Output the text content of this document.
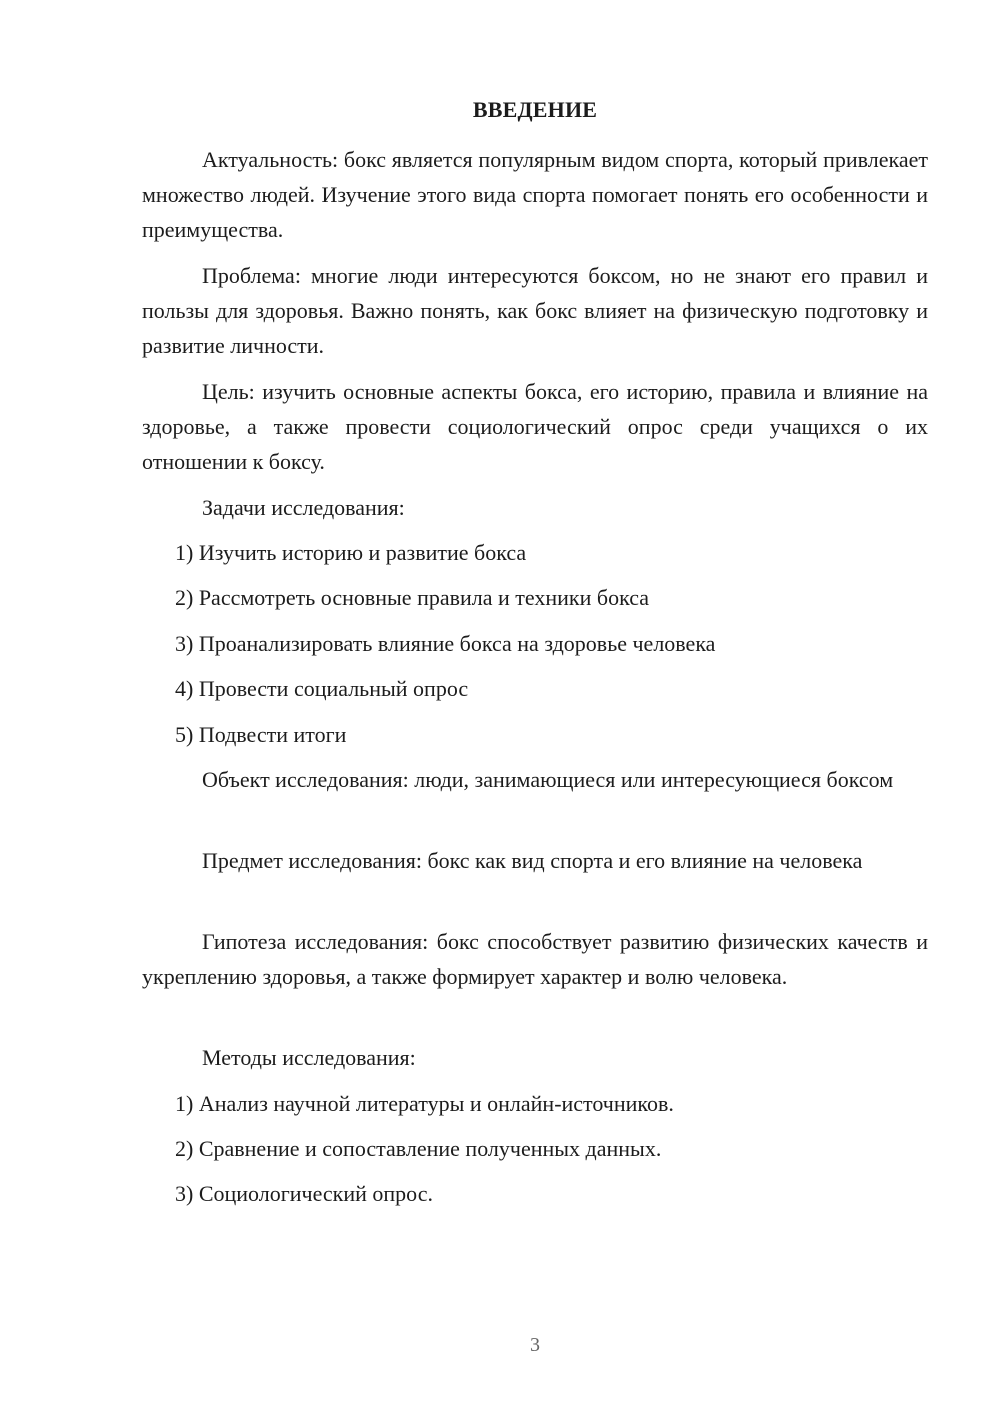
ВВЕДЕНИЕ

Актуальность: бокс является популярным видом спорта, который привлекает множество людей. Изучение этого вида спорта помогает понять его особенности и преимущества.

Проблема: многие люди интересуются боксом, но не знают его правил и пользы для здоровья. Важно понять, как бокс влияет на физическую подготовку и развитие личности.

Цель: изучить основные аспекты бокса, его историю, правила и влияние на здоровье, а также провести социологический опрос среди учащихся о их отношении к боксу.

Задачи исследования:

1) Изучить историю и развитие бокса

2) Рассмотреть основные правила и техники бокса

3) Проанализировать влияние бокса на здоровье человека

4) Провести социальный опрос

5) Подвести итоги

Объект исследования: люди, занимающиеся или интересующиеся боксом

Предмет исследования: бокс как вид спорта и его влияние на человека

Гипотеза исследования: бокс способствует развитию физических качеств и укреплению здоровья, а также формирует характер и волю человека.

Методы исследования:

1) Анализ научной литературы и онлайн-источников.

2) Сравнение и сопоставление полученных данных.

3) Социологический опрос.

3
